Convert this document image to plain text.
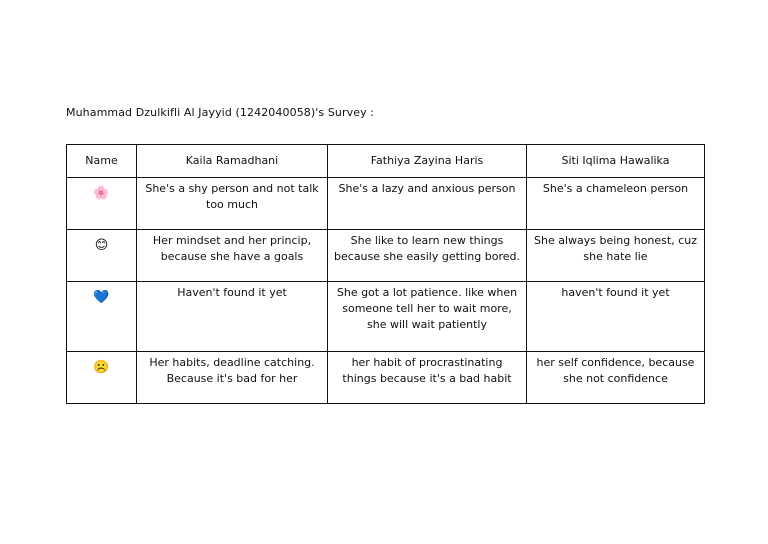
Muhammad Dzulkifli Al Jayyid (1242040058)'s Survey :
Name	Kaila Ramadhani	Fathiya Zayina Haris	Siti Iqlima Hawalika
🌸	She's a shy person and not talk too much	She's a lazy and anxious person	She's a chameleon person
😊	Her mindset and her princip, because she have a goals	She like to learn new things because she easily getting bored.	She always being honest, cuz she hate lie
💙	Haven't found it yet	She got a lot patience. like when someone tell her to wait more, she will wait patiently	haven't found it yet
☹️	Her habits, deadline catching. Because it's bad for her	her habit of procrastinating things because it's a bad habit	her self confidence, because she not confidence
